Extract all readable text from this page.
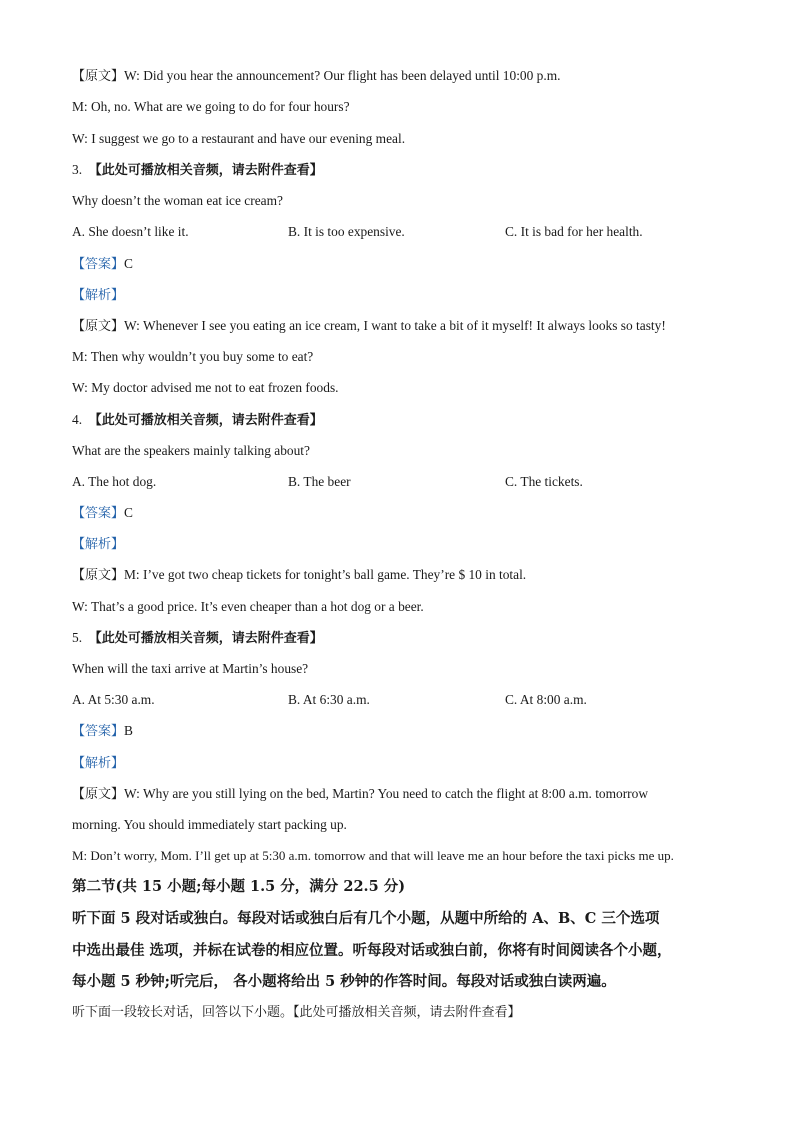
【原文】W: Did you hear the announcement? Our flight has been delayed until 10:00 p.m.
M: Oh, no. What are we going to do for four hours?
W: I suggest we go to a restaurant and have our evening meal.
3. 【此处可播放相关音频，请去附件查看】
Why doesn’t the woman eat ice cream?
A. She doesn’t like it.	B. It is too expensive.	C. It is bad for her health.
【答案】C
【解析】
【原文】W: Whenever I see you eating an ice cream, I want to take a bit of it myself! It always looks so tasty!
M: Then why wouldn’t you buy some to eat?
W: My doctor advised me not to eat frozen foods.
4. 【此处可播放相关音频，请去附件查看】
What are the speakers mainly talking about?
A. The hot dog.	B. The beer	C. The tickets.
【答案】C
【解析】
【原文】M: I’ve got two cheap tickets for tonight’s ball game. They’re $ 10 in total.
W: That’s a good price. It’s even cheaper than a hot dog or a beer.
5. 【此处可播放相关音频，请去附件查看】
When will the taxi arrive at Martin’s house?
A. At 5:30 a.m.	B. At 6:30 a.m.	C. At 8:00 a.m.
【答案】B
【解析】
【原文】W: Why are you still lying on the bed, Martin? You need to catch the flight at 8:00 a.m. tomorrow
morning. You should immediately start packing up.
M: Don’t worry, Mom. I’ll get up at 5:30 a.m. tomorrow and that will leave me an hour before the taxi picks me up.
第二节(共 15 小题;每小题 1.5 分，满分 22.5 分)
听下面 5 段对话或独白。每段对话或独白后有几个小题，从题中所给的 A、B、C 三个选项
中选出最佳 选项，并标在试卷的相应位置。听每段对话或独白前，你将有时间阅读各个小题，
每小题 5 秒钟;听完后， 各小题将给出 5 秒钟的作答时间。每段对话或独白读两遍。
听下面一段较长对话，回答以下小题。【此处可播放相关音频，请去附件查看】
